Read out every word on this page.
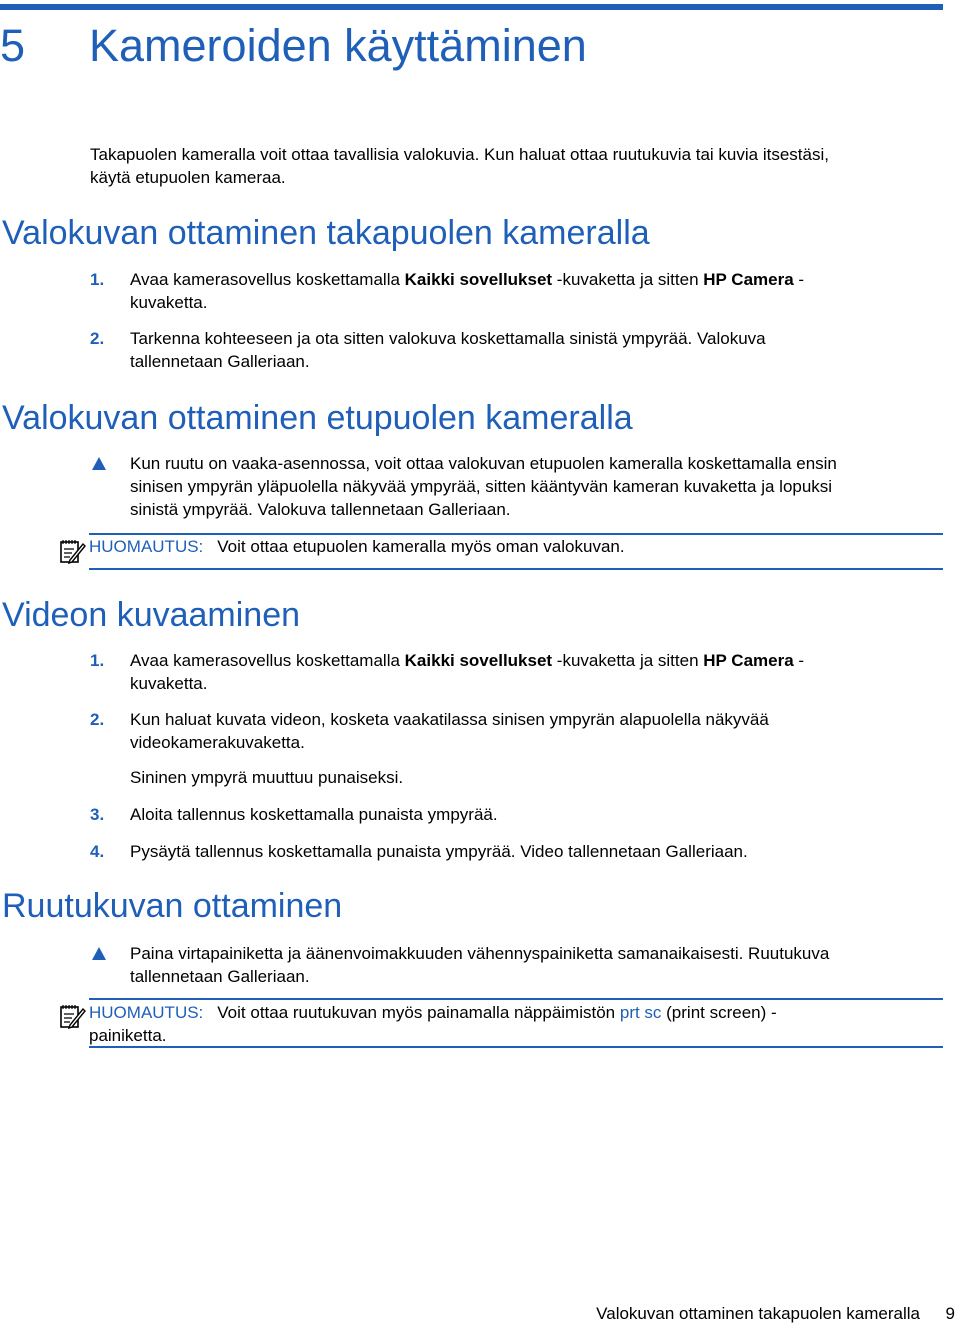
5 Kameroiden käyttäminen
Takapuolen kameralla voit ottaa tavallisia valokuvia. Kun haluat ottaa ruutukuvia tai kuvia itsestäsi,
käytä etupuolen kameraa.
Valokuvan ottaminen takapuolen kameralla
1. Avaa kamerasovellus koskettamalla Kaikki sovellukset -kuvaketta ja sitten HP Camera -
kuvaketta.
2. Tarkenna kohteeseen ja ota sitten valokuva koskettamalla sinistä ympyrää. Valokuva
tallennetaan Galleriaan.
Valokuvan ottaminen etupuolen kameralla
Kun ruutu on vaaka-asennossa, voit ottaa valokuvan etupuolen kameralla koskettamalla ensin
sinisen ympyrän yläpuolella näkyvää ympyrää, sitten kääntyvän kameran kuvaketta ja lopuksi
sinistä ympyrää. Valokuva tallennetaan Galleriaan.
HUOMAUTUS: Voit ottaa etupuolen kameralla myös oman valokuvan.
Videon kuvaaminen
1. Avaa kamerasovellus koskettamalla Kaikki sovellukset -kuvaketta ja sitten HP Camera -
kuvaketta.
2. Kun haluat kuvata videon, kosketa vaakatilassa sinisen ympyrän alapuolella näkyvää
videokamerakuvaketta.
Sininen ympyrä muuttuu punaiseksi.
3. Aloita tallennus koskettamalla punaista ympyrää.
4. Pysäytä tallennus koskettamalla punaista ympyrää. Video tallennetaan Galleriaan.
Ruutukuvan ottaminen
Paina virtapainiketta ja äänenvoimakkuuden vähennyspainiketta samanaikaisesti. Ruutukuva
tallennetaan Galleriaan.
HUOMAUTUS: Voit ottaa ruutukuvan myös painamalla näppäimistön prt sc (print screen) -
painiketta.
Valokuvan ottaminen takapuolen kameralla 9
